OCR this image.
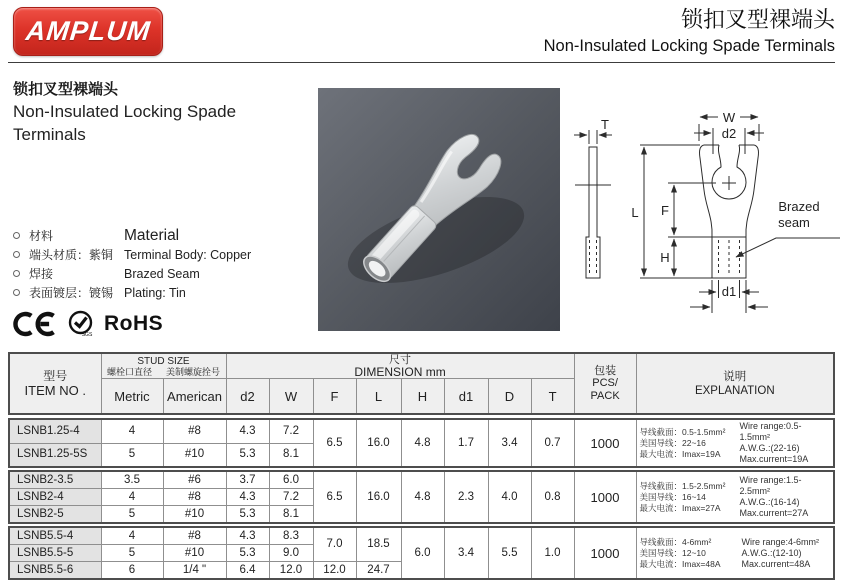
AMPLUM	锁扣叉型裸端头
Non-Insulated Locking Spade Terminals
锁扣叉型裸端头
Non-Insulated Locking Spade
Terminals
材料	Material
端头材质：紫铜 Terminal Body: Copper
焊接	Brazed Seam
表面镀层：镀锡 Plating: Tin
SGS RoHS
T	W
d2
L F
H
d1
Brazed
seam
型号
ITEM NO .

STUD SIZE
螺栓口直径 美制螺旋拴号

尺寸
DIMENSION mm	包装
PCS/
PACK

说明
EXPLANATION

	Metric	American	d2	W	F	L	H	d1	D	T		
LSNB1.25-4	4	#8	4.3	7.2	6.5	16.0	4.8	1.7	3.4	0.7	1000	
导线截面：0.5-1.5mm²
美国导线：22~16
最大电流：Imax=19A
Wire range:0.5-1.5mm²
A.W.G.:(22-16)
Max.current=19A

LSNB1.25-5S	5	#10	5.3	8.1								
LSNB2-3.5	3.5	#6	3.7	6.0	6.5	16.0	4.8	2.3	4.0	0.8	1000	
导线截面：1.5-2.5mm²
美国导线：16~14
最大电流：Imax=27A
Wire range:1.5-2.5mm²
A.W.G.:(16-14)
Max.current=27A

LSNB2-4	4	#8	4.3	7.2								
LSNB2-5	5	#10	5.3	8.1								
LSNB5.5-4	4	#8	4.3	8.3	7.0	18.5	6.0	3.4	5.5	1.0	1000	
导线截面：4-6mm²
美国导线：12~10
最大电流：Imax=48A
Wire range:4-6mm²
A.W.G.:(12-10)
Max.current=48A

LSNB5.5-5	5	#10	5.3	9.0								
LSNB5.5-6	6	1/4 "	6.4	12.0	12.0	24.7						
